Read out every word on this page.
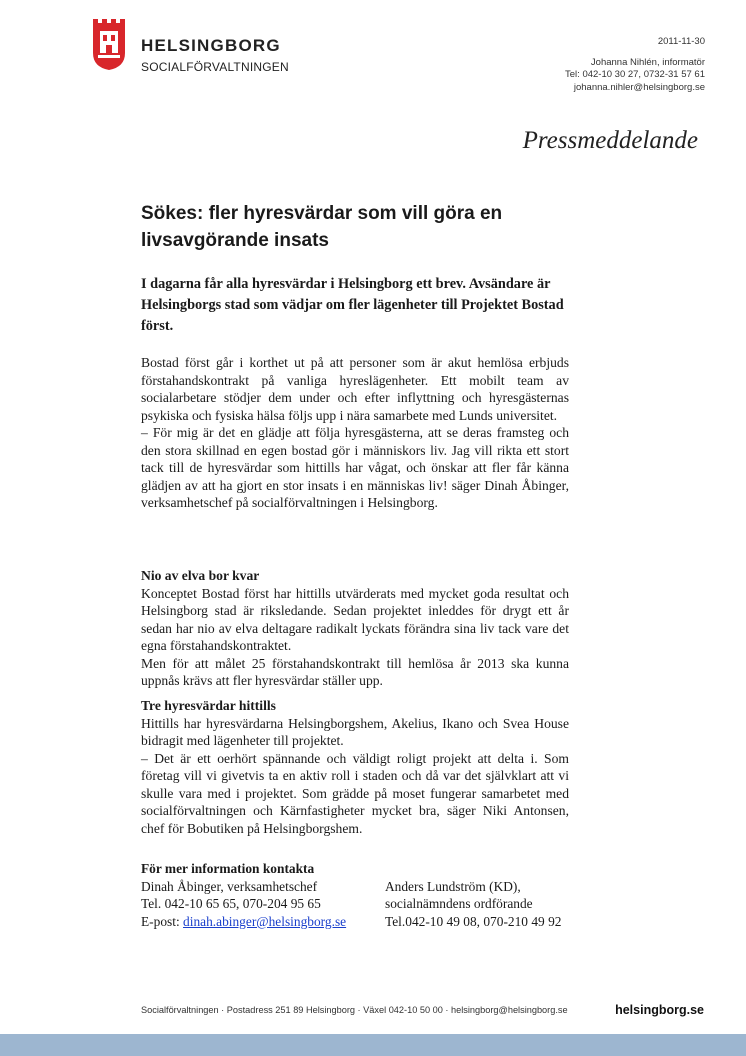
HELSINGBORG
SOCIALFÖRVALTNINGEN
2011-11-30
Johanna Nihlén, informatör
Tel: 042-10 30 27, 0732-31 57 61
johanna.nihler@helsingborg.se
Pressmeddelande
Sökes: fler hyresvärdar som vill göra en livsavgörande insats
I dagarna får alla hyresvärdar i Helsingborg ett brev. Avsändare är Helsingborgs stad som vädjar om fler lägenheter till Projektet Bostad först.

Bostad först går i korthet ut på att personer som är akut hemlösa erbjuds förstahandskontrakt på vanliga hyreslägenheter. Ett mobilt team av socialarbetare stödjer dem under och efter inflyttning och hyresgästernas psykiska och fysiska hälsa följs upp i nära samarbete med Lunds universitet.

– För mig är det en glädje att följa hyresgästerna, att se deras framsteg och den stora skillnad en egen bostad gör i människors liv. Jag vill rikta ett stort tack till de hyresvärdar som hittills har vågat, och önskar att fler får känna glädjen av att ha gjort en stor insats i en människas liv! säger Dinah Åbinger, verksamhetschef på socialförvaltningen i Helsingborg.

Nio av elva bor kvar

Konceptet Bostad först har hittills utvärderats med mycket goda resultat och Helsingborg stad är riksledande. Sedan projektet inleddes för drygt ett år sedan har nio av elva deltagare radikalt lyckats förändra sina liv tack vare det egna förstahandskontraktet.

Men för att målet 25 förstahandskontrakt till hemlösa år 2013 ska kunna uppnås krävs att fler hyresvärdar ställer upp.

Tre hyresvärdar hittills

Hittills har hyresvärdarna Helsingborgshem, Akelius, Ikano och Svea House bidragit med lägenheter till projektet.

– Det är ett oerhört spännande och väldigt roligt projekt att delta i. Som företag vill vi givetvis ta en aktiv roll i staden och då var det självklart att vi skulle vara med i projektet. Som grädde på moset fungerar samarbetet med socialförvaltningen och Kärnfastigheter mycket bra, säger Niki Antonsen, chef för Bobutiken på Helsingborgshem.

För mer information kontakta
Dinah Åbinger, verksamhetschef
Tel. 042-10 65 65, 070-204 95 65
E-post: dinah.abinger@helsingborg.se
Anders Lundström (KD),
socialnämndens ordförande
Tel.042-10 49 08, 070-210 49 92
Socialförvaltningen · Postadress 251 89 Helsingborg · Växel 042-10 50 00 · helsingborg@helsingborg.se	helsingborg.se
